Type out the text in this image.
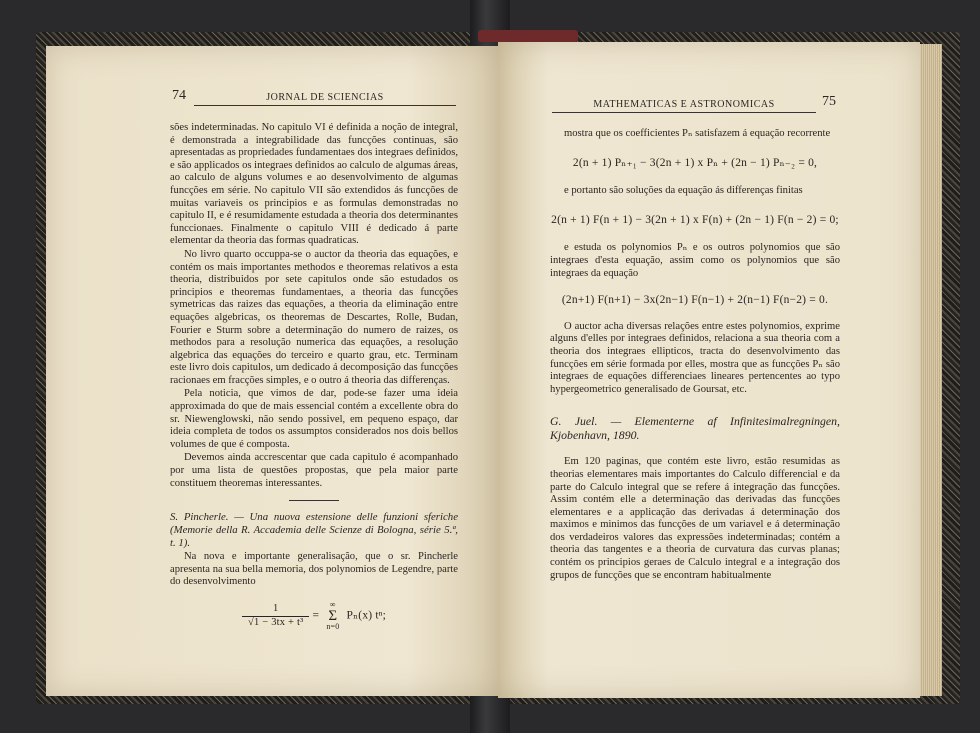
74	JORNAL DE SCIENCIAS

sões indeterminadas. No capitulo VI é definida a noção de integral, é demonstrada a integrabilidade das funcções continuas, são apresentadas as propriedades fundamentaes dos integraes definidos, e são applicados os integraes definidos ao calculo de algumas áreas, ao calculo de alguns volumes e ao desenvolvimento de algumas funcções em série. No capitulo VII são extendidos ás funcções de muitas variaveis os principios e as formulas demonstradas no capitulo II, e é resumidamente estudada a theoria dos determinantes funccionaes. Finalmente o capitulo VIII é dedicado á parte elementar da theoria das formas quadraticas.

No livro quarto occuppa-se o auctor da theoria das equações, e contém os mais importantes methodos e theoremas relativos a esta theoria, distribuidos por sete capitulos onde são estudados os principios e theoremas fundamentaes, a theoria das funcções symetricas das raizes das equações, a theoria da eliminação entre equações algebricas, os theoremas de Descartes, Rolle, Budan, Fourier e Sturm sobre a determinação do numero de raizes, os methodos para a resolução numerica das equações, a resolução algebrica das equações do terceiro e quarto grau, etc. Terminam este livro dois capitulos, um dedicado á decomposição das funcções racionaes em fracções simples, e o outro á theoria das differenças.

Pela noticia, que vimos de dar, pode-se fazer uma ideia approximada do que de mais essencial contém a excellente obra do sr. Niewenglowski, não sendo possivel, em pequeno espaço, dar ideia completa de todos os assumptos considerados nos dois bellos volumes de que é composta.

Devemos ainda accrescentar que cada capitulo é acompanhado por uma lista de questões propostas, que pela maior parte constituem theoremas interessantes.

S. Pincherle. — Una nuova estensione delle funzioni sferiche (Memorie della R. Accademia delle Scienze di Bologna, série 5.ª, t. 1).

Na nova e importante generalisação, que o sr. Pincherle apresenta na sua bella memoria, dos polynomios de Legendre, parte do desenvolvimento

$\frac{1}{\text{√1 − 3tx + t³}}$ =
∞
Σ
n=0
Pₙ(x) tⁿ;
MATHEMATICAS E ASTRONOMICAS	75

mostra que os coefficientes Pₙ satisfazem á equação recorrente

2(n + 1) Pₙ₊₁ − 3(2n + 1) x Pₙ + (2n − 1) Pₙ₋₂ = 0,

e portanto são soluções da equação ás differenças finitas

2(n + 1) F(n + 1) − 3(2n + 1) x F(n) + (2n − 1) F(n − 2) = 0;

e estuda os polynomios Pₙ e os outros polynomios que são integraes d'esta equação, assim como os polynomios que são integraes da equação

(2n+1) F(n+1) − 3x(2n−1) F(n−1) + 2(n−1) F(n−2) = 0.

O auctor acha diversas relações entre estes polynomios, exprime alguns d'elles por integraes definidos, relaciona a sua theoria com a theoria dos integraes ellipticos, tracta do desenvolvimento das funcções em série formada por elles, mostra que as funcções Pₙ são integraes de equações differenciaes lineares pertencentes ao typo hypergeometrico generalisado de Goursat, etc.

G. Juel. — Elementerne af Infinitesimalregningen, Kjobenhavn, 1890.

Em 120 paginas, que contém este livro, estão resumidas as theorias elementares mais importantes do Calculo differencial e da parte do Calculo integral que se refere á integração das funcções. Assim contém elle a determinação das derivadas das funcções elementares e a applicação das derivadas á determinação dos maximos e minimos das funcções de um variavel e á determinação dos verdadeiros valores das expressões indeterminadas; contém a theoria das tangentes e a theoria de curvatura das curvas planas; contém os principios geraes de Calculo integral e a integração dos grupos de funcções que se encontram habitualmente
